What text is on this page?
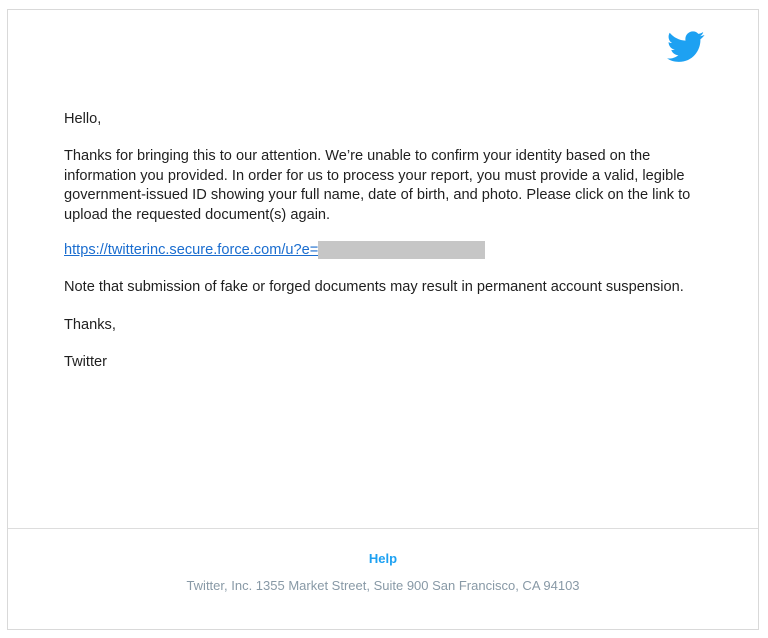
Hello,

Thanks for bringing this to our attention. We’re unable to confirm your identity based on the information you provided. In order for us to process your report, you must provide a valid, legible government-issued ID showing your full name, date of birth, and photo. Please click on the link to upload the requested document(s) again.

https://twitterinc.secure.force.com/u?e=

Note that submission of fake or forged documents may result in permanent account suspension.

Thanks,

Twitter

Help
Twitter, Inc. 1355 Market Street, Suite 900 San Francisco, CA 94103
